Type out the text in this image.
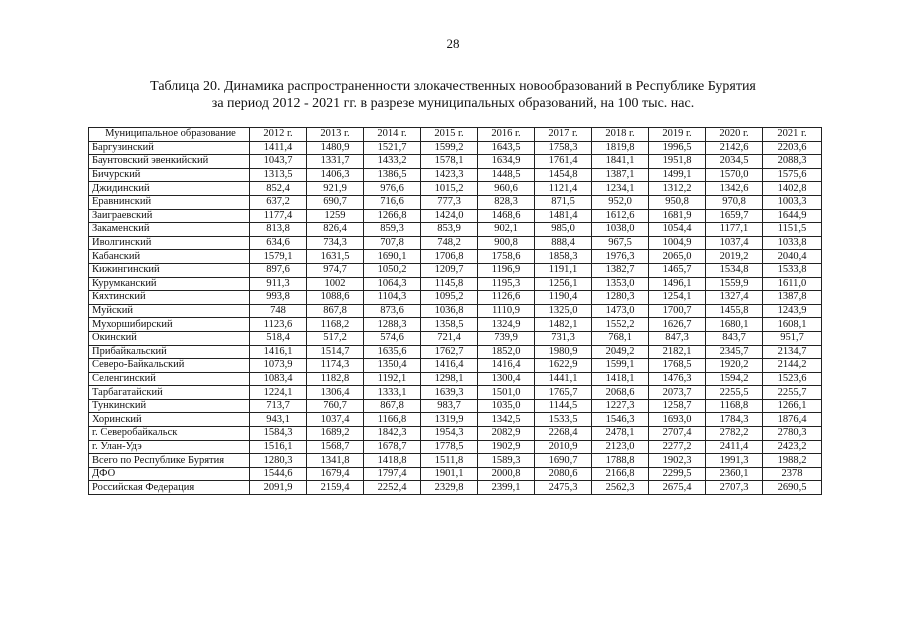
28
Таблица 20. Динамика распространенности злокачественных новообразований в Республике Бурятия
за период 2012 - 2021 гг. в разрезе муниципальных образований, на 100 тыс. нас.
Муниципальное образование	2012 г.	2013 г.	2014 г.	2015 г.	2016 г.	2017 г.	2018 г.	2019 г.	2020 г.	2021 г.
Баргузинский	1411,4	1480,9	1521,7	1599,2	1643,5	1758,3	1819,8	1996,5	2142,6	2203,6
Баунтовский эвенкийский	1043,7	1331,7	1433,2	1578,1	1634,9	1761,4	1841,1	1951,8	2034,5	2088,3
Бичурский	1313,5	1406,3	1386,5	1423,3	1448,5	1454,8	1387,1	1499,1	1570,0	1575,6
Джидинский	852,4	921,9	976,6	1015,2	960,6	1121,4	1234,1	1312,2	1342,6	1402,8
Еравнинский	637,2	690,7	716,6	777,3	828,3	871,5	952,0	950,8	970,8	1003,3
Заиграевский	1177,4	1259	1266,8	1424,0	1468,6	1481,4	1612,6	1681,9	1659,7	1644,9
Закаменский	813,8	826,4	859,3	853,9	902,1	985,0	1038,0	1054,4	1177,1	1151,5
Иволгинский	634,6	734,3	707,8	748,2	900,8	888,4	967,5	1004,9	1037,4	1033,8
Кабанский	1579,1	1631,5	1690,1	1706,8	1758,6	1858,3	1976,3	2065,0	2019,2	2040,4
Кижингинский	897,6	974,7	1050,2	1209,7	1196,9	1191,1	1382,7	1465,7	1534,8	1533,8
Курумканский	911,3	1002	1064,3	1145,8	1195,3	1256,1	1353,0	1496,1	1559,9	1611,0
Кяхтинский	993,8	1088,6	1104,3	1095,2	1126,6	1190,4	1280,3	1254,1	1327,4	1387,8
Муйский	748	867,8	873,6	1036,8	1110,9	1325,0	1473,0	1700,7	1455,8	1243,9
Мухоршибирский	1123,6	1168,2	1288,3	1358,5	1324,9	1482,1	1552,2	1626,7	1680,1	1608,1
Окинский	518,4	517,2	574,6	721,4	739,9	731,3	768,1	847,3	843,7	951,7
Прибайкальский	1416,1	1514,7	1635,6	1762,7	1852,0	1980,9	2049,2	2182,1	2345,7	2134,7
Северо-Байкальский	1073,9	1174,3	1350,4	1416,4	1416,4	1622,9	1599,1	1768,5	1920,2	2144,2
Селенгинский	1083,4	1182,8	1192,1	1298,1	1300,4	1441,1	1418,1	1476,3	1594,2	1523,6
Тарбагатайский	1224,1	1306,4	1333,1	1639,3	1501,0	1765,7	2068,6	2073,7	2255,5	2255,7
Тункинский	713,7	760,7	867,8	983,7	1035,0	1144,5	1227,3	1258,7	1168,8	1266,1
Хоринский	943,1	1037,4	1166,8	1319,9	1342,5	1533,5	1546,3	1693,0	1784,3	1876,4
г. Северобайкальск	1584,3	1689,2	1842,3	1954,3	2082,9	2268,4	2478,1	2707,4	2782,2	2780,3
г. Улан-Удэ	1516,1	1568,7	1678,7	1778,5	1902,9	2010,9	2123,0	2277,2	2411,4	2423,2
Всего по Республике Бурятия	1280,3	1341,8	1418,8	1511,8	1589,3	1690,7	1788,8	1902,3	1991,3	1988,2
ДФО	1544,6	1679,4	1797,4	1901,1	2000,8	2080,6	2166,8	2299,5	2360,1	2378
Российская Федерация	2091,9	2159,4	2252,4	2329,8	2399,1	2475,3	2562,3	2675,4	2707,3	2690,5
